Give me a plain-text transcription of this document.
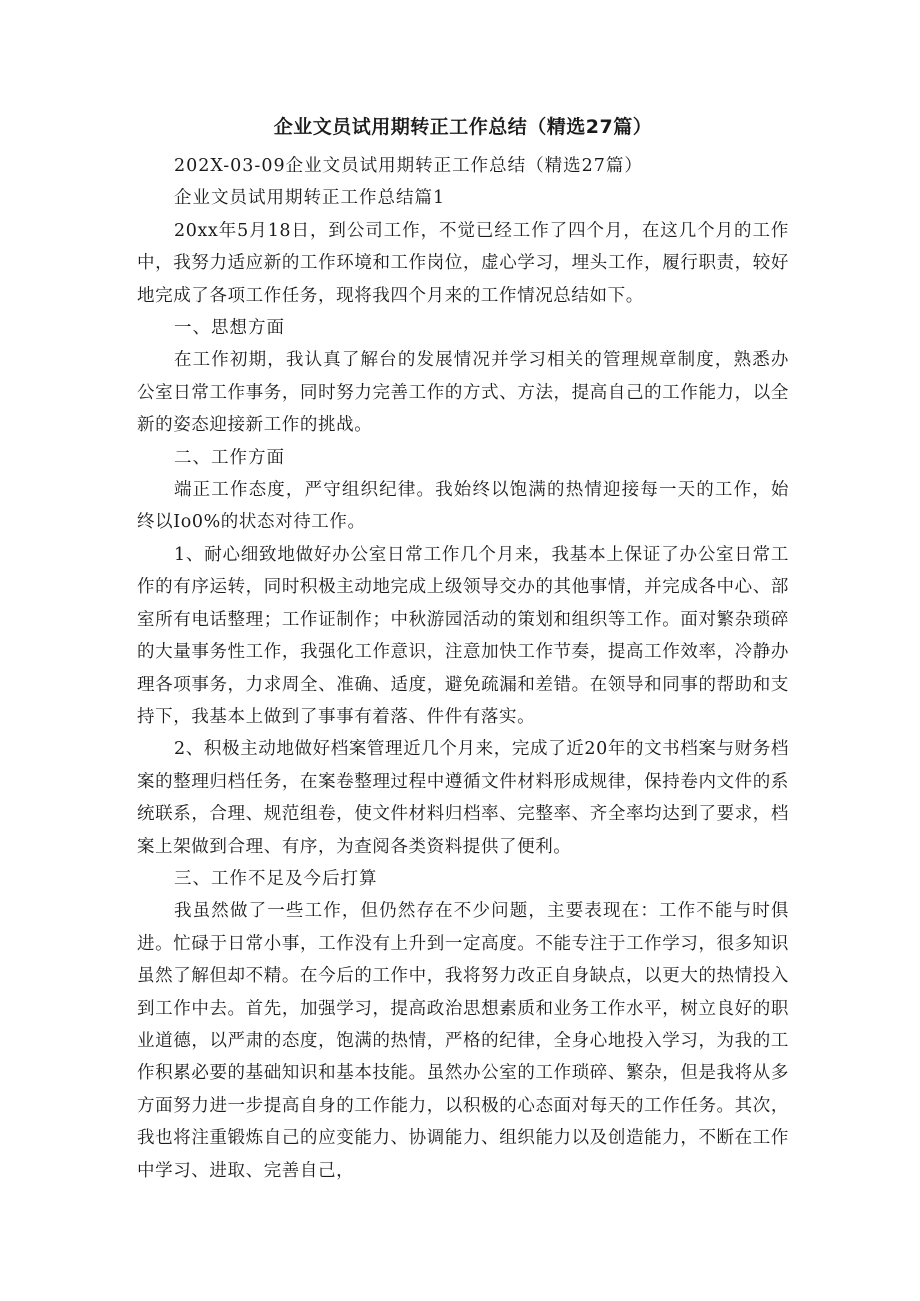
企业文员试用期转正工作总结（精选27篇）

202X-03-09企业文员试用期转正工作总结（精选27篇）

企业文员试用期转正工作总结篇1

20xx年5月18日，到公司工作，不觉已经工作了四个月，在这几个月的工作中，我努力适应新的工作环境和工作岗位，虚心学习，埋头工作，履行职责，较好地完成了各项工作任务，现将我四个月来的工作情况总结如下。

一、思想方面

在工作初期，我认真了解台的发展情况并学习相关的管理规章制度，熟悉办公室日常工作事务，同时努力完善工作的方式、方法，提高自己的工作能力，以全新的姿态迎接新工作的挑战。

二、工作方面

端正工作态度，严守组织纪律。我始终以饱满的热情迎接每一天的工作，始终以Io0%的状态对待工作。

1、耐心细致地做好办公室日常工作几个月来，我基本上保证了办公室日常工作的有序运转，同时积极主动地完成上级领导交办的其他事情，并完成各中心、部室所有电话整理；工作证制作；中秋游园活动的策划和组织等工作。面对繁杂琐碎的大量事务性工作，我强化工作意识，注意加快工作节奏，提高工作效率，冷静办理各项事务，力求周全、准确、适度，避免疏漏和差错。在领导和同事的帮助和支持下，我基本上做到了事事有着落、件件有落实。

2、积极主动地做好档案管理近几个月来，完成了近20年的文书档案与财务档案的整理归档任务，在案卷整理过程中遵循文件材料形成规律，保持卷内文件的系统联系，合理、规范组卷，使文件材料归档率、完整率、齐全率均达到了要求，档案上架做到合理、有序，为查阅各类资料提供了便利。

三、工作不足及今后打算

我虽然做了一些工作，但仍然存在不少问题，主要表现在：工作不能与时俱进。忙碌于日常小事，工作没有上升到一定高度。不能专注于工作学习，很多知识虽然了解但却不精。在今后的工作中，我将努力改正自身缺点，以更大的热情投入到工作中去。首先，加强学习，提高政治思想素质和业务工作水平，树立良好的职业道德，以严肃的态度，饱满的热情，严格的纪律，全身心地投入学习，为我的工作积累必要的基础知识和基本技能。虽然办公室的工作琐碎、繁杂，但是我将从多方面努力进一步提高自身的工作能力，以积极的心态面对每天的工作任务。其次，我也将注重锻炼自己的应变能力、协调能力、组织能力以及创造能力，不断在工作中学习、进取、完善自己，
